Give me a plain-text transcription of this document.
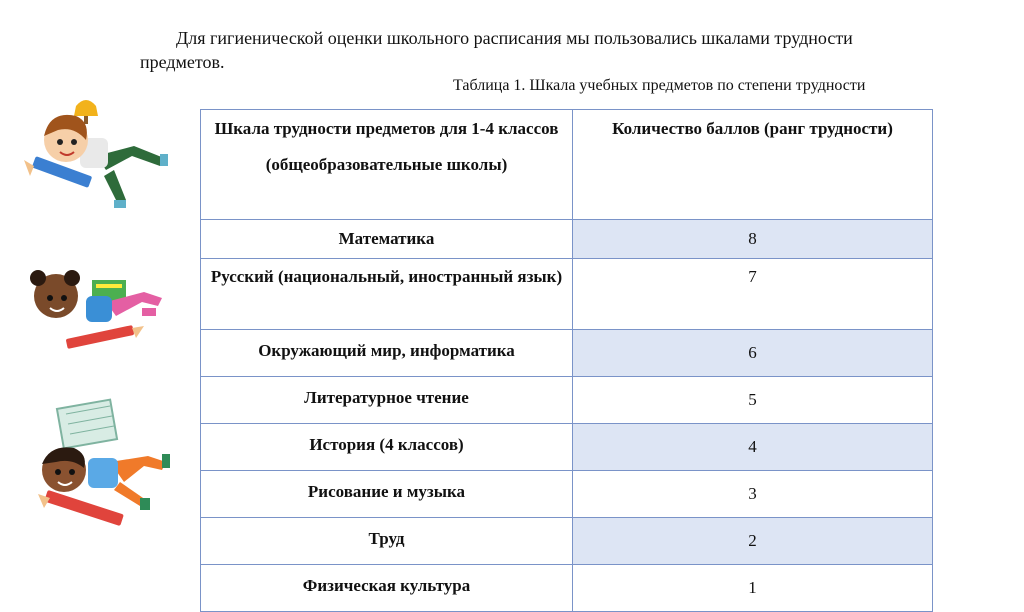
Для гигиенической оценки школьного расписания мы пользовались шкалами трудности предметов.

Таблица 1. Шкала учебных предметов по степени трудности

Шкала трудности предметов для 1-4 классов (общеобразовательные школы)	Количество баллов (ранг трудности)
Математика	8
Русский (национальный, иностранный язык)	7
Окружающий мир, информатика	6
Литературное чтение	5
История (4 классов)	4
Рисование и музыка	3
Труд	2
Физическая культура	1
